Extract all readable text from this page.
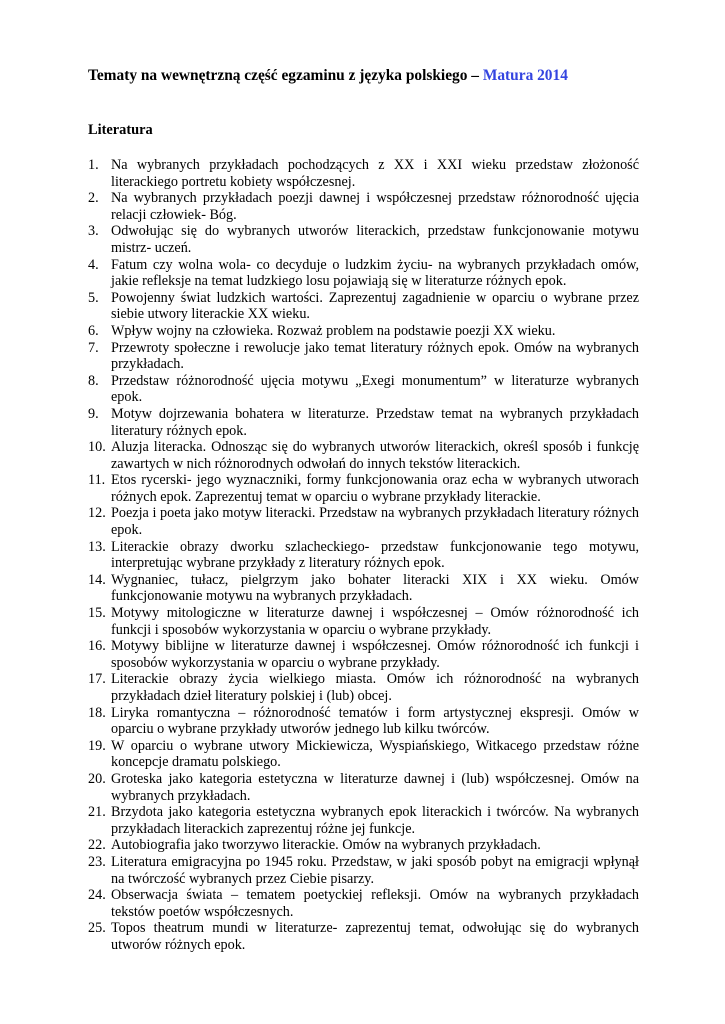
Tematy na wewnętrzną część egzaminu z języka polskiego – Matura 2014
Literatura
1. Na wybranych przykładach pochodzących z XX i XXI wieku przedstaw złożoność literackiego portretu kobiety współczesnej.
2. Na wybranych przykładach poezji dawnej i współczesnej przedstaw różnorodność ujęcia relacji człowiek- Bóg.
3. Odwołując się do wybranych utworów literackich, przedstaw funkcjonowanie motywu mistrz- uczeń.
4. Fatum czy wolna wola- co decyduje o ludzkim życiu- na wybranych przykładach omów, jakie refleksje na temat ludzkiego losu pojawiają się w literaturze różnych epok.
5. Powojenny świat ludzkich wartości. Zaprezentuj zagadnienie w oparciu o wybrane przez siebie utwory literackie XX wieku.
6. Wpływ wojny na człowieka. Rozważ problem na podstawie poezji XX wieku.
7. Przewroty społeczne i rewolucje jako temat literatury różnych epok. Omów na wybranych przykładach.
8. Przedstaw różnorodność ujęcia motywu „Exegi monumentum” w literaturze wybranych epok.
9. Motyw dojrzewania bohatera w literaturze. Przedstaw temat na wybranych przykładach literatury różnych epok.
10. Aluzja literacka. Odnosząc się do wybranych utworów literackich, określ sposób i funkcję zawartych w nich różnorodnych odwołań do innych tekstów literackich.
11. Etos rycerski- jego wyznaczniki, formy funkcjonowania oraz echa w wybranych utworach różnych epok. Zaprezentuj temat w oparciu o wybrane przykłady literackie.
12. Poezja i poeta jako motyw literacki. Przedstaw na wybranych przykładach literatury różnych epok.
13. Literackie obrazy dworku szlacheckiego- przedstaw funkcjonowanie tego motywu, interpretując wybrane przykłady z literatury różnych epok.
14. Wygnaniec, tułacz, pielgrzym jako bohater literacki XIX i XX wieku. Omów funkcjonowanie motywu na wybranych przykładach.
15. Motywy mitologiczne w literaturze dawnej i współczesnej – Omów różnorodność ich funkcji i sposobów wykorzystania w oparciu o wybrane przykłady.
16. Motywy biblijne w literaturze dawnej i współczesnej. Omów różnorodność ich funkcji i sposobów wykorzystania w oparciu o wybrane przykłady.
17. Literackie obrazy życia wielkiego miasta. Omów ich różnorodność na wybranych przykładach dzieł literatury polskiej i (lub) obcej.
18. Liryka romantyczna – różnorodność tematów i form artystycznej ekspresji. Omów w oparciu o wybrane przykłady utworów jednego lub kilku twórców.
19. W oparciu o wybrane utwory Mickiewicza, Wyspiańskiego, Witkacego przedstaw różne koncepcje dramatu polskiego.
20. Groteska jako kategoria estetyczna w literaturze dawnej i (lub) współczesnej. Omów na wybranych przykładach.
21. Brzydota jako kategoria estetyczna wybranych epok literackich i twórców. Na wybranych przykładach literackich zaprezentuj różne jej funkcje.
22. Autobiografia jako tworzywo literackie. Omów na wybranych przykładach.
23. Literatura emigracyjna po 1945 roku. Przedstaw, w jaki sposób pobyt na emigracji wpłynął na twórczość wybranych przez Ciebie pisarzy.
24. Obserwacja świata – tematem poetyckiej refleksji. Omów na wybranych przykładach tekstów poetów współczesnych.
25. Topos theatrum mundi w literaturze- zaprezentuj temat, odwołując się do wybranych utworów różnych epok.
